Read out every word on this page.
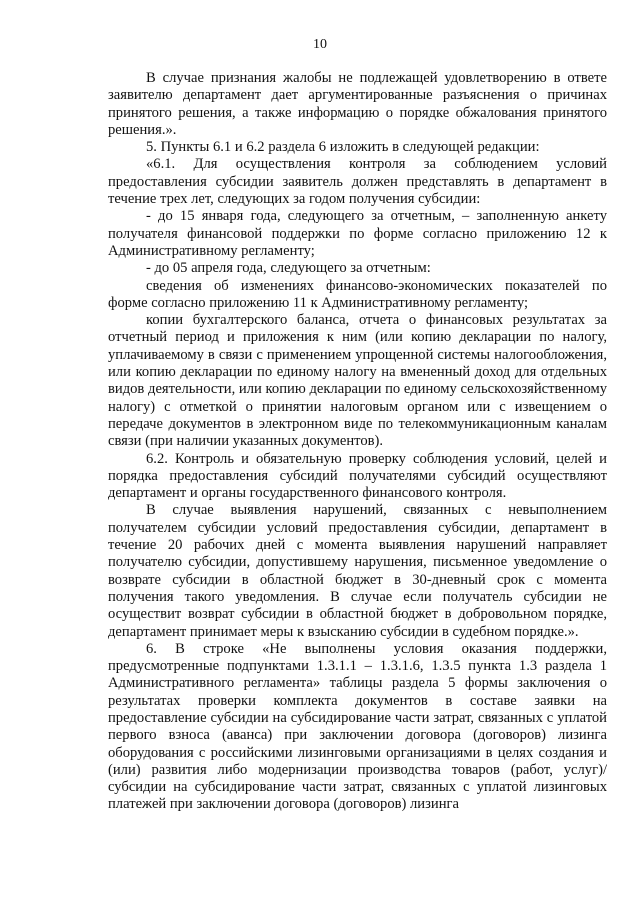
10

В случае признания жалобы не подлежащей удовлетворению в ответе заявителю департамент дает аргументированные разъяснения о причинах принятого решения, а также информацию о порядке обжалования принятого решения.».

5. Пункты 6.1 и 6.2 раздела 6 изложить в следующей редакции:

«6.1. Для осуществления контроля за соблюдением условий предоставления субсидии заявитель должен представлять в департамент в течение трех лет, следующих за годом получения субсидии:

- до 15 января года, следующего за отчетным, – заполненную анкету получателя финансовой поддержки по форме согласно приложению 12 к Административному регламенту;

- до 05 апреля года, следующего за отчетным:

сведения об изменениях финансово-экономических показателей по форме согласно приложению 11 к Административному регламенту;

копии бухгалтерского баланса, отчета о финансовых результатах за отчетный период и приложения к ним (или копию декларации по налогу, уплачиваемому в связи с применением упрощенной системы налогообложения, или копию декларации по единому налогу на вмененный доход для отдельных видов деятельности, или копию декларации по единому сельскохозяйственному налогу) с отметкой о принятии налоговым органом или с извещением о передаче документов в электронном виде по телекоммуникационным каналам связи (при наличии указанных документов).

6.2. Контроль и обязательную проверку соблюдения условий, целей и порядка предоставления субсидий получателями субсидий осуществляют департамент и органы государственного финансового контроля.

В случае выявления нарушений, связанных с невыполнением получателем субсидии условий предоставления субсидии, департамент в течение 20 рабочих дней с момента выявления нарушений направляет получателю субсидии, допустившему нарушения, письменное уведомление о возврате субсидии в областной бюджет в 30-дневный срок с момента получения такого уведомления. В случае если получатель субсидии не осуществит возврат субсидии в областной бюджет в добровольном порядке, департамент принимает меры к взысканию субсидии в судебном порядке.».

6. В строке «Не выполнены условия оказания поддержки, предусмотренные подпунктами 1.3.1.1 – 1.3.1.6, 1.3.5 пункта 1.3 раздела 1 Административного регламента» таблицы раздела 5 формы заключения о результатах проверки комплекта документов в составе заявки на предоставление субсидии на субсидирование части затрат, связанных с уплатой первого взноса (аванса) при заключении договора (договоров) лизинга оборудования с российскими лизинговыми организациями в целях создания и (или) развития либо модернизации производства товаров (работ, услуг)/ субсидии на субсидирование части затрат, связанных с уплатой лизинговых платежей при заключении договора (договоров) лизинга
